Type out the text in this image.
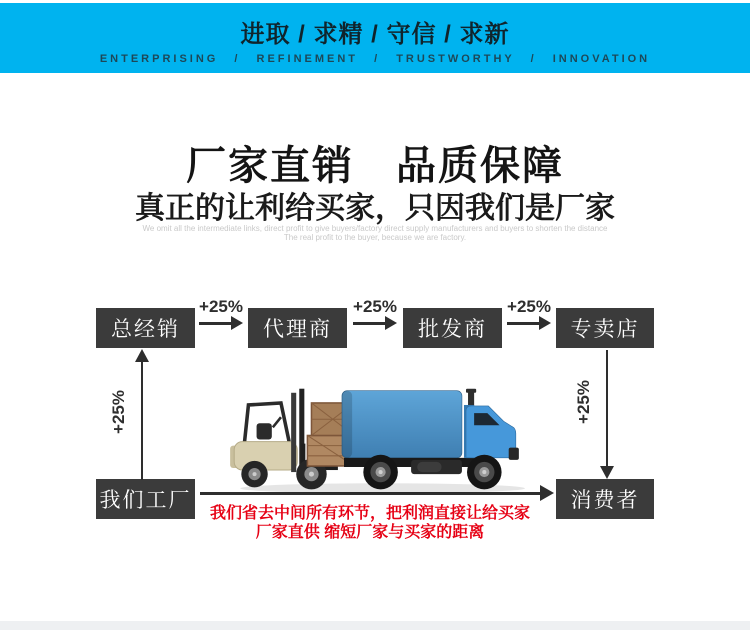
进取 / 求精 / 守信 / 求新
ENTERPRISING / REFINEMENT / TRUSTWORTHY / INNOVATION
厂家直销　品质保障
真正的让利给买家，只因我们是厂家
We omit all the intermediate links, direct profit to give buyers/factory direct supply manufacturers and buyers to shorten the distance
The real profit to the buyer, because we are factory.
总经销	代理商	批发商	专卖店
我们工厂	消费者
+25%	+25%	+25%
+25%	+25%
我们省去中间所有环节，把利润直接让给买家
厂家直供 缩短厂家与买家的距离
